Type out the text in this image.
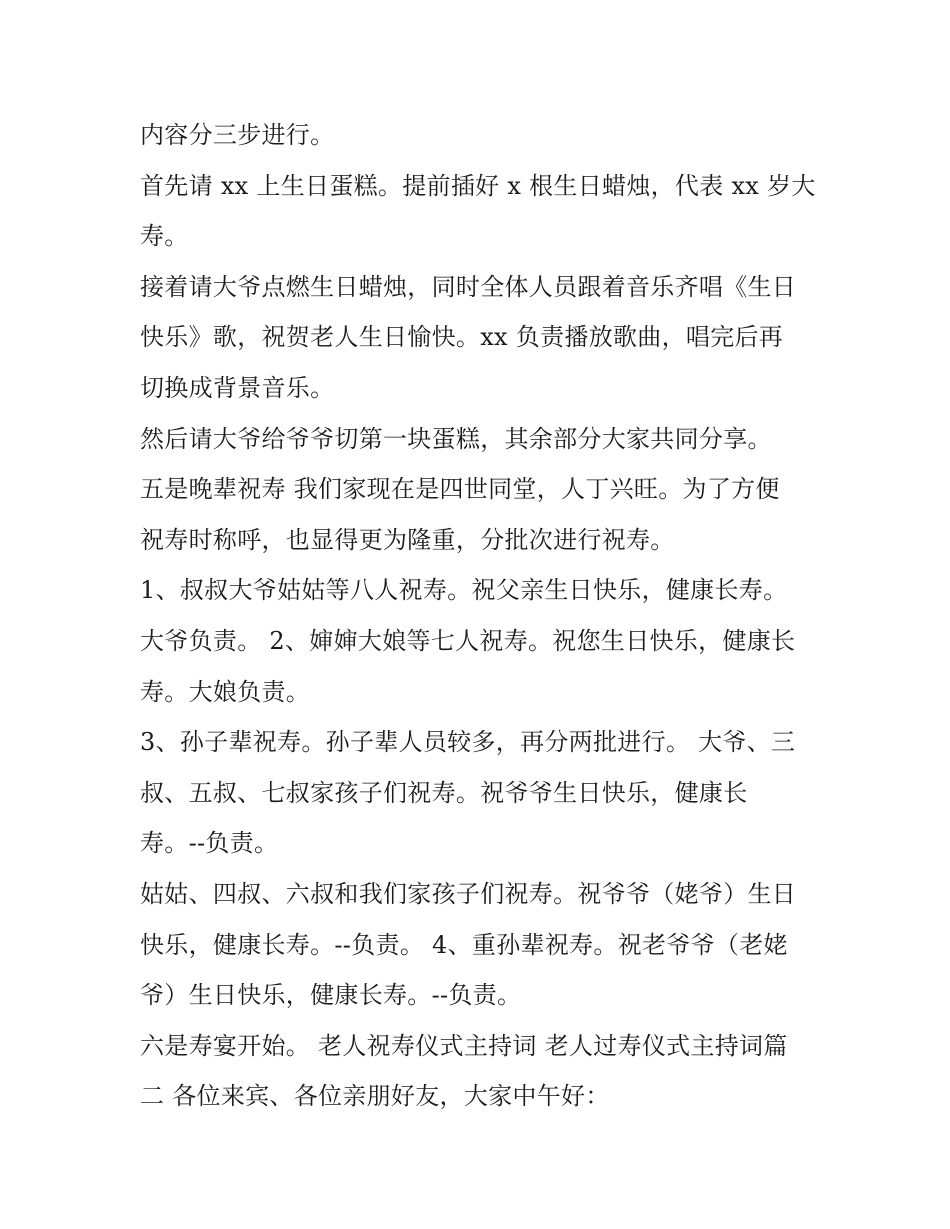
内容分三步进行。
首先请 xx 上生日蛋糕。提前插好 x 根生日蜡烛，代表 xx 岁大
寿。
接着请大爷点燃生日蜡烛，同时全体人员跟着音乐齐唱《生日
快乐》歌，祝贺老人生日愉快。xx 负责播放歌曲，唱完后再
切换成背景音乐。
然后请大爷给爷爷切第一块蛋糕，其余部分大家共同分享。
五是晚辈祝寿 我们家现在是四世同堂，人丁兴旺。为了方便
祝寿时称呼，也显得更为隆重，分批次进行祝寿。
1、叔叔大爷姑姑等八人祝寿。祝父亲生日快乐，健康长寿。
大爷负责。 2、婶婶大娘等七人祝寿。祝您生日快乐，健康长
寿。大娘负责。
3、孙子辈祝寿。孙子辈人员较多，再分两批进行。 大爷、三
叔、五叔、七叔家孩子们祝寿。祝爷爷生日快乐，健康长
寿。--负责。
姑姑、四叔、六叔和我们家孩子们祝寿。祝爷爷（姥爷）生日
快乐，健康长寿。--负责。 4、重孙辈祝寿。祝老爷爷（老姥
爷）生日快乐，健康长寿。--负责。
六是寿宴开始。 老人祝寿仪式主持词 老人过寿仪式主持词篇
二 各位来宾、各位亲朋好友，大家中午好：
